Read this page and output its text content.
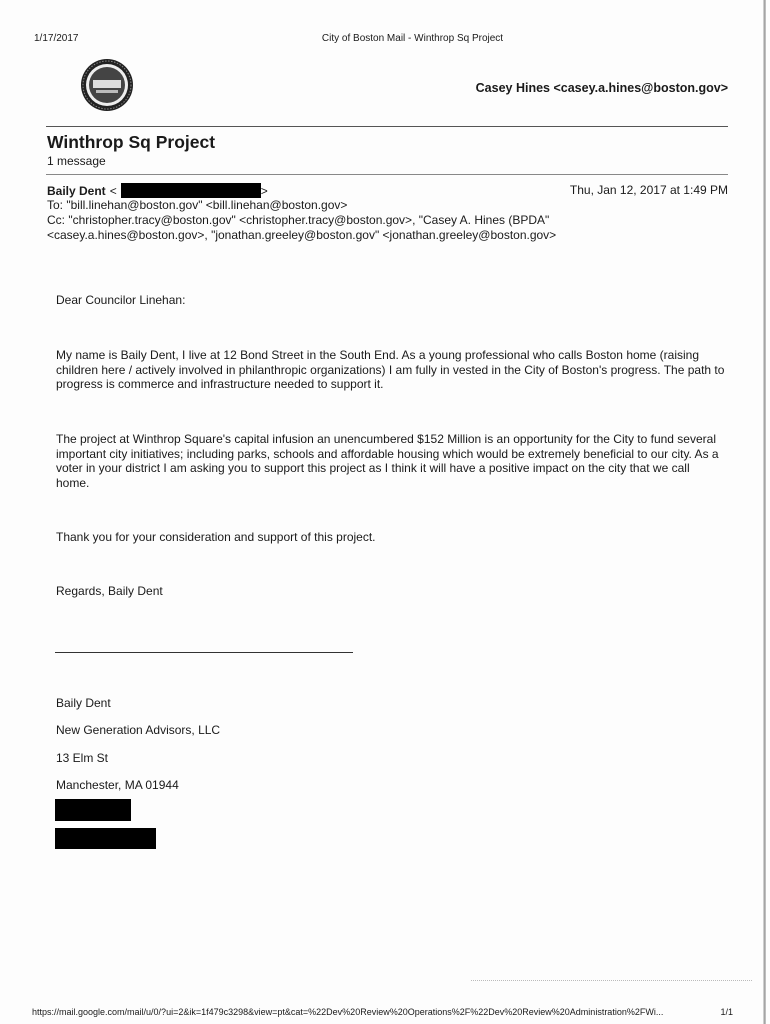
1/17/2017	City of Boston Mail - Winthrop Sq Project
Casey Hines <casey.a.hines@boston.gov>
Winthrop Sq Project
1 message
Baily Dent <	>	Thu, Jan 12, 2017 at 1:49 PM
To: "bill.linehan@boston.gov" <bill.linehan@boston.gov>
Cc: "christopher.tracy@boston.gov" <christopher.tracy@boston.gov>, "Casey A. Hines (BPDA"
<casey.a.hines@boston.gov>, "jonathan.greeley@boston.gov" <jonathan.greeley@boston.gov>
Dear Councilor Linehan:
My name is Baily Dent, I live at 12 Bond Street in the South End. As a young professional who calls Boston home (raising children here / actively involved in philanthropic organizations) I am fully in vested in the City of Boston's progress. The path to progress is commerce and infrastructure needed to support it.
The project at Winthrop Square's capital infusion an unencumbered $152 Million is an opportunity for the City to fund several important city initiatives; including parks, schools and affordable housing which would be extremely beneficial to our city. As a voter in your district I am asking you to support this project as I think it will have a positive impact on the city that we call home.
Thank you for your consideration and support of this project.
Regards, Baily Dent
Baily Dent
New Generation Advisors, LLC
13 Elm St
Manchester, MA 01944
https://mail.google.com/mail/u/0/?ui=2&ik=1f479c3298&view=pt&cat=%22Dev%20Review%20Operations%2F%22Dev%20Review%20Administration%2FWi...	1/1
